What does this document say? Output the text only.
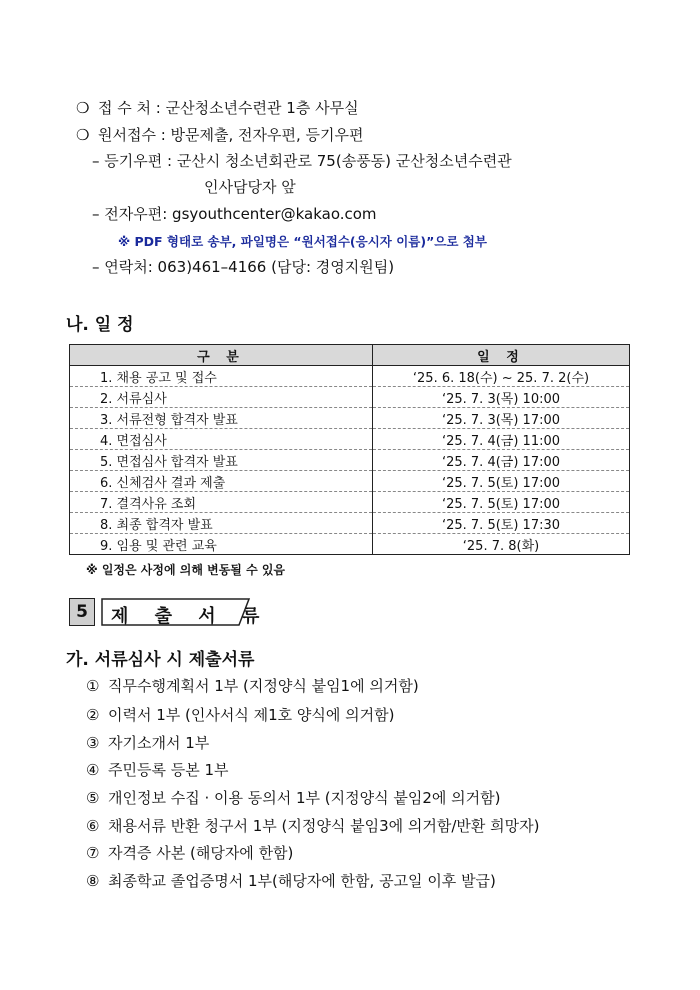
❍ 접 수 처 : 군산청소년수련관 1층 사무실
❍ 원서접수 : 방문제출, 전자우편, 등기우편
– 등기우편 : 군산시 청소년회관로 75(송풍동) 군산청소년수련관
인사담당자 앞
– 전자우편: gsyouthcenter@kakao.com
※ PDF 형태로 송부, 파일명은 “원서접수(응시자 이름)”으로 첨부
– 연락처: 063)461–4166 (담당: 경영지원팀)
나. 일 정
구 분	일 정
1. 채용 공고 및 접수	‘25. 6. 18(수) ~ 25. 7. 2(수)
2. 서류심사	‘25. 7. 3(목) 10:00
3. 서류전형 합격자 발표	‘25. 7. 3(목) 17:00
4. 면접심사	‘25. 7. 4(금) 11:00
5. 면접심사 합격자 발표	‘25. 7. 4(금) 17:00
6. 신체검사 결과 제출	‘25. 7. 5(토) 17:00
7. 결격사유 조회	‘25. 7. 5(토) 17:00
8. 최종 합격자 발표	‘25. 7. 5(토) 17:30
9. 임용 및 관련 교육	‘25. 7. 8(화)
※ 일정은 사정에 의해 변동될 수 있음
5	제 출 서 류
가. 서류심사 시 제출서류
① 직무수행계획서 1부 (지정양식 붙임1에 의거함)
② 이력서 1부 (인사서식 제1호 양식에 의거함)
③ 자기소개서 1부
④ 주민등록 등본 1부
⑤ 개인정보 수집 · 이용 동의서 1부 (지정양식 붙임2에 의거함)
⑥ 채용서류 반환 청구서 1부 (지정양식 붙임3에 의거함/반환 희망자)
⑦ 자격증 사본 (해당자에 한함)
⑧ 최종학교 졸업증명서 1부(해당자에 한함, 공고일 이후 발급)
